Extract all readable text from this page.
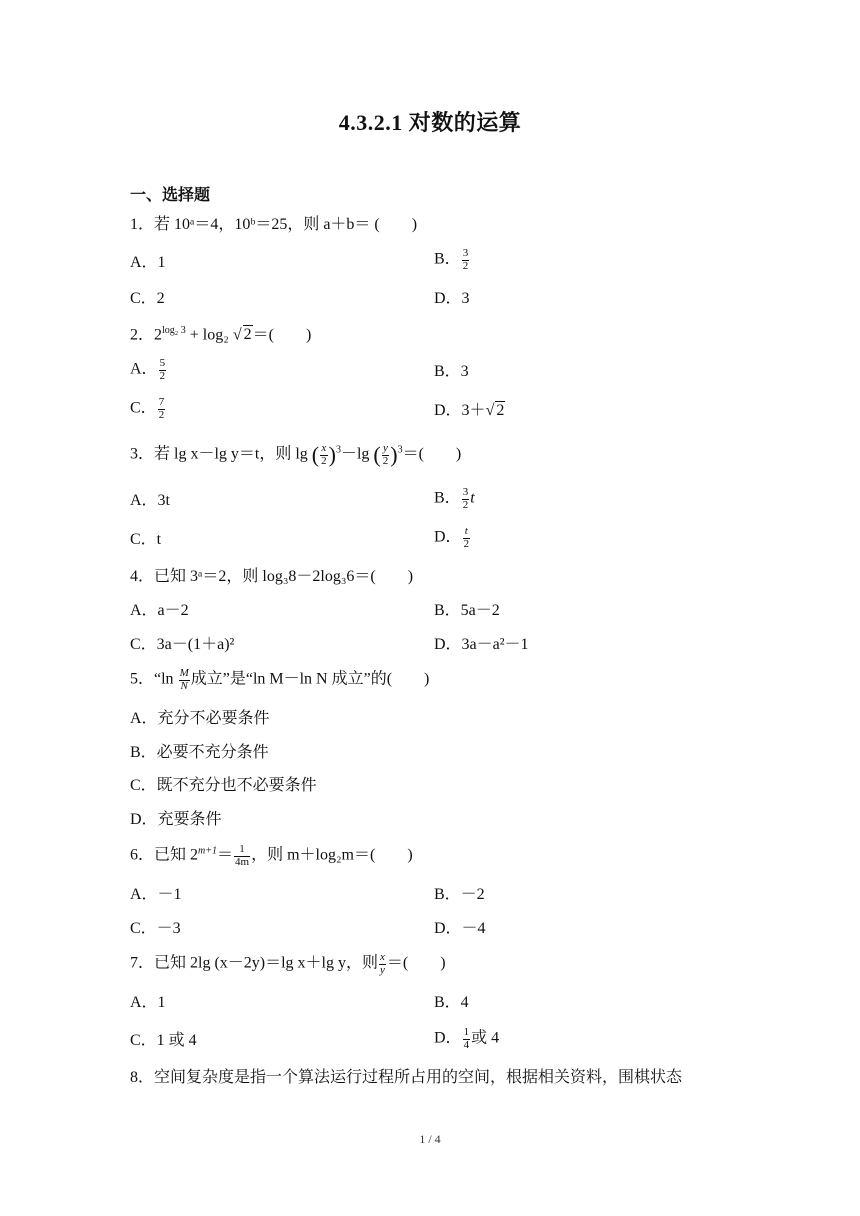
4.3.2.1 对数的运算
一、选择题
1．若 10ᵃ＝4，10ᵇ＝25，则 a＋b＝ (　　)
A．1	B． $\frac{3}{2}$
C．2	D．3
2．$2^{log_2 3} + \log_2$ √ 2＝(　　)
A． $\frac{5}{2}$	B．3
C． $\frac{7}{2}$	D．3＋√ 2
3．若 lg x－lg y＝t，则 lg ( $\frac{x}{2} )^3-\lg$ ( $\frac{y}{2} )^3=$(　　)
A．3t	B． $\frac{3}{2}$ t
C．t	D． $\frac{t}{2}$
4．已知 3ᵃ＝2，则 log₃8－2log₃6＝(　　)
A．a－2	B．5a－2
C．3a－(1＋a)²	D．3a－a²－1
5．“$\ln \frac{M}{N}$ 成立”是“ln M－ln N 成立”的(　　)
A．充分不必要条件
B．必要不充分条件
C．既不充分也不必要条件
D．充要条件
6．已知 $2^{m+1}= \frac{1}{4m}$ ，则 m＋log₂m＝(　　)
A．－1	B．－2
C．－3	D．－4
7．已知 2lg (x－2y)＝lg x＋lg y，则 $\frac{x}{y}$ ＝(　　)
A．1	B．4
C．1 或 4	D． $\frac{1}{4}$ 或 4
8．空间复杂度是指一个算法运行过程所占用的空间，根据相关资料，围棋状态
1 / 4
